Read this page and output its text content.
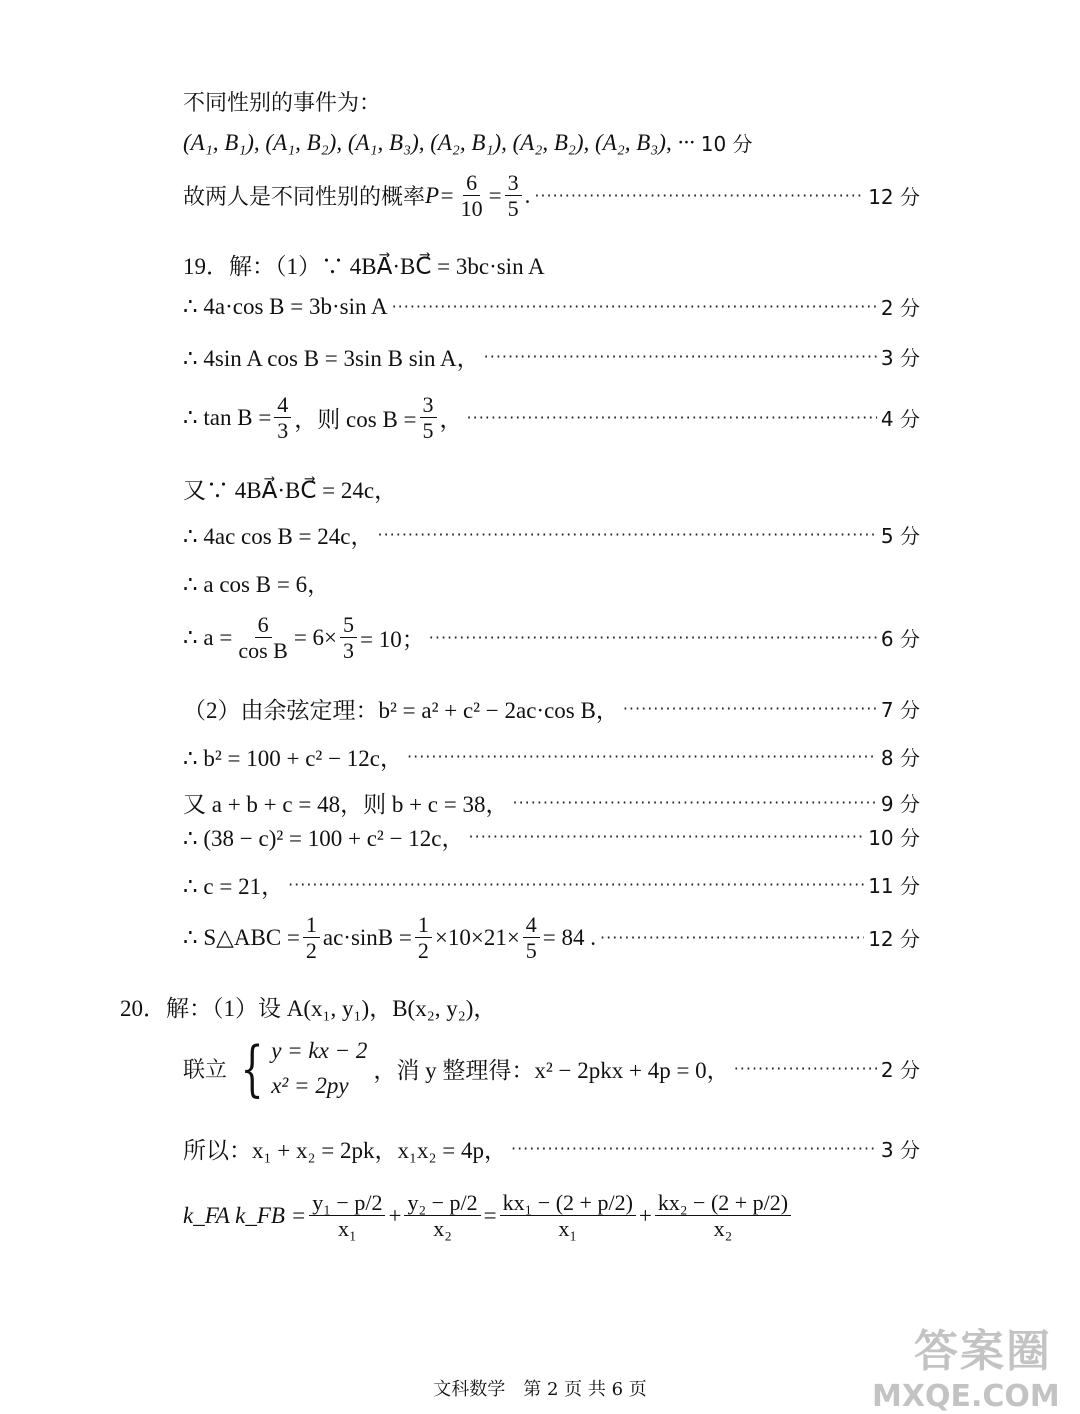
不同性别的事件为：
(A₁, B₁), (A₁, B₂), (A₁, B₃), (A₂, B₁), (A₂, B₂), (A₂, B₃), ··· 10 分
故两人是不同性别的概率 $P= \frac{6}{10} = \frac{3}{5}$ . ·····	12 分
19．解：（1）∵ 4BA⃗·BC⃗ = 3bc·sin A
∴ 4a·cos B = 3b·sin A ·····	2 分
∴ 4sin A cos B = 3sin B sin A， ·····	3 分
∴ $\tan B = \frac{4}{3}$ ，则 $\cos B = \frac{3}{5}$ ， ·····	4 分
又∵ 4BA⃗·BC⃗ = 24c，
∴ 4ac cos B = 24c， ·····	5 分
∴ a cos B = 6，
∴ $a = \frac{6}{\text{cos B}} = 6\times \frac{5}{3} = 10$； ·····	6 分
（2）由余弦定理：b² = a² + c² − 2ac·cos B， ·····	7 分
∴ b² = 100 + c² − 12c， ·····	8 分
又 a + b + c = 48，则 b + c = 38， ·····	9 分
∴ (38 − c)² = 100 + c² − 12c， ·····	10 分
∴ c = 21， ·····	11 分
∴ S△ABC = $\frac{1}{2} ac\cdot\sin B = \frac{1}{2} \times 10\times 21\times \frac{4}{5} = 84$ . ·····	12 分
20．解：（1）设 A(x₁, y₁)，B(x₂, y₂)，
联立 { y = kx − 2
x² = 2py
，消 y 整理得：x² − 2pkx + 4p = 0， ·····	2 分
所以：x₁ + x₂ = 2pk，x₁x₂ = 4p， ·····	3 分
k_FA k_FB = $\frac{\text{y₁ − p/2}}{\text{x₁}} + \frac{\text{y₂ − p/2}}{\text{x₂}} = \frac{\text{kx₁ − (2 + p/2)}}{\text{x₁}} + \frac{\text{kx₂ − (2 + p/2)}}{\text{x₂}}$
文科数学　第 2 页 共 6 页
答案圈
MXQE.COM
